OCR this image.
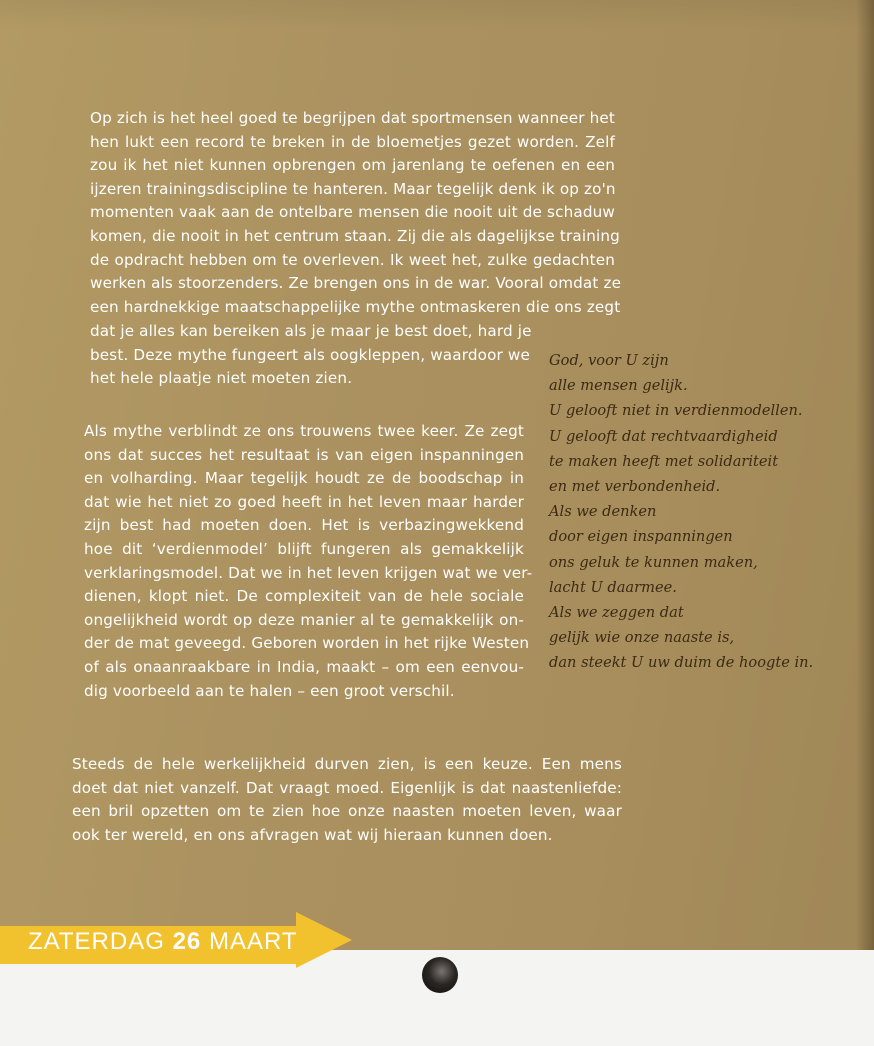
Op zich is het heel goed te begrijpen dat sportmensen wanneer het
hen lukt een record te breken in de bloemetjes gezet worden. Zelf
zou ik het niet kunnen opbrengen om jarenlang te oefenen en een
ijzeren trainingsdiscipline te hanteren. Maar tegelijk denk ik op zo'n
momenten vaak aan de ontelbare mensen die nooit uit de schaduw
komen, die nooit in het centrum staan. Zij die als dagelijkse training
de opdracht hebben om te overleven. Ik weet het, zulke gedachten
werken als stoorzenders. Ze brengen ons in de war. Vooral omdat ze
een hardnekkige maatschappelijke mythe ontmaskeren die ons zegt
dat je alles kan bereiken als je maar je best doet, hard je
best. Deze mythe fungeert als oogkleppen, waardoor we
het hele plaatje niet moeten zien.
Als mythe verblindt ze ons trouwens twee keer. Ze zegt
ons dat succes het resultaat is van eigen inspanningen
en volharding. Maar tegelijk houdt ze de boodschap in
dat wie het niet zo goed heeft in het leven maar harder
zijn best had moeten doen. Het is verbazingwekkend
hoe dit ‘verdienmodel’ blijft fungeren als gemakkelijk
verklaringsmodel. Dat we in het leven krijgen wat we ver-
dienen, klopt niet. De complexiteit van de hele sociale
ongelijkheid wordt op deze manier al te gemakkelijk on-
der de mat geveegd. Geboren worden in het rijke Westen
of als onaanraakbare in India, maakt – om een eenvou-
dig voorbeeld aan te halen – een groot verschil.
Steeds de hele werkelijkheid durven zien, is een keuze. Een mens
doet dat niet vanzelf. Dat vraagt moed. Eigenlijk is dat naastenliefde:
een bril opzetten om te zien hoe onze naasten moeten leven, waar
ook ter wereld, en ons afvragen wat wij hieraan kunnen doen.
God, voor U zijn
alle mensen gelijk.
U gelooft niet in verdienmodellen.
U gelooft dat rechtvaardigheid
te maken heeft met solidariteit
en met verbondenheid.
Als we denken
door eigen inspanningen
ons geluk te kunnen maken,
lacht U daarmee.
Als we zeggen dat
gelijk wie onze naaste is,
dan steekt U uw duim de hoogte in.
ZATERDAG 26 MAART
